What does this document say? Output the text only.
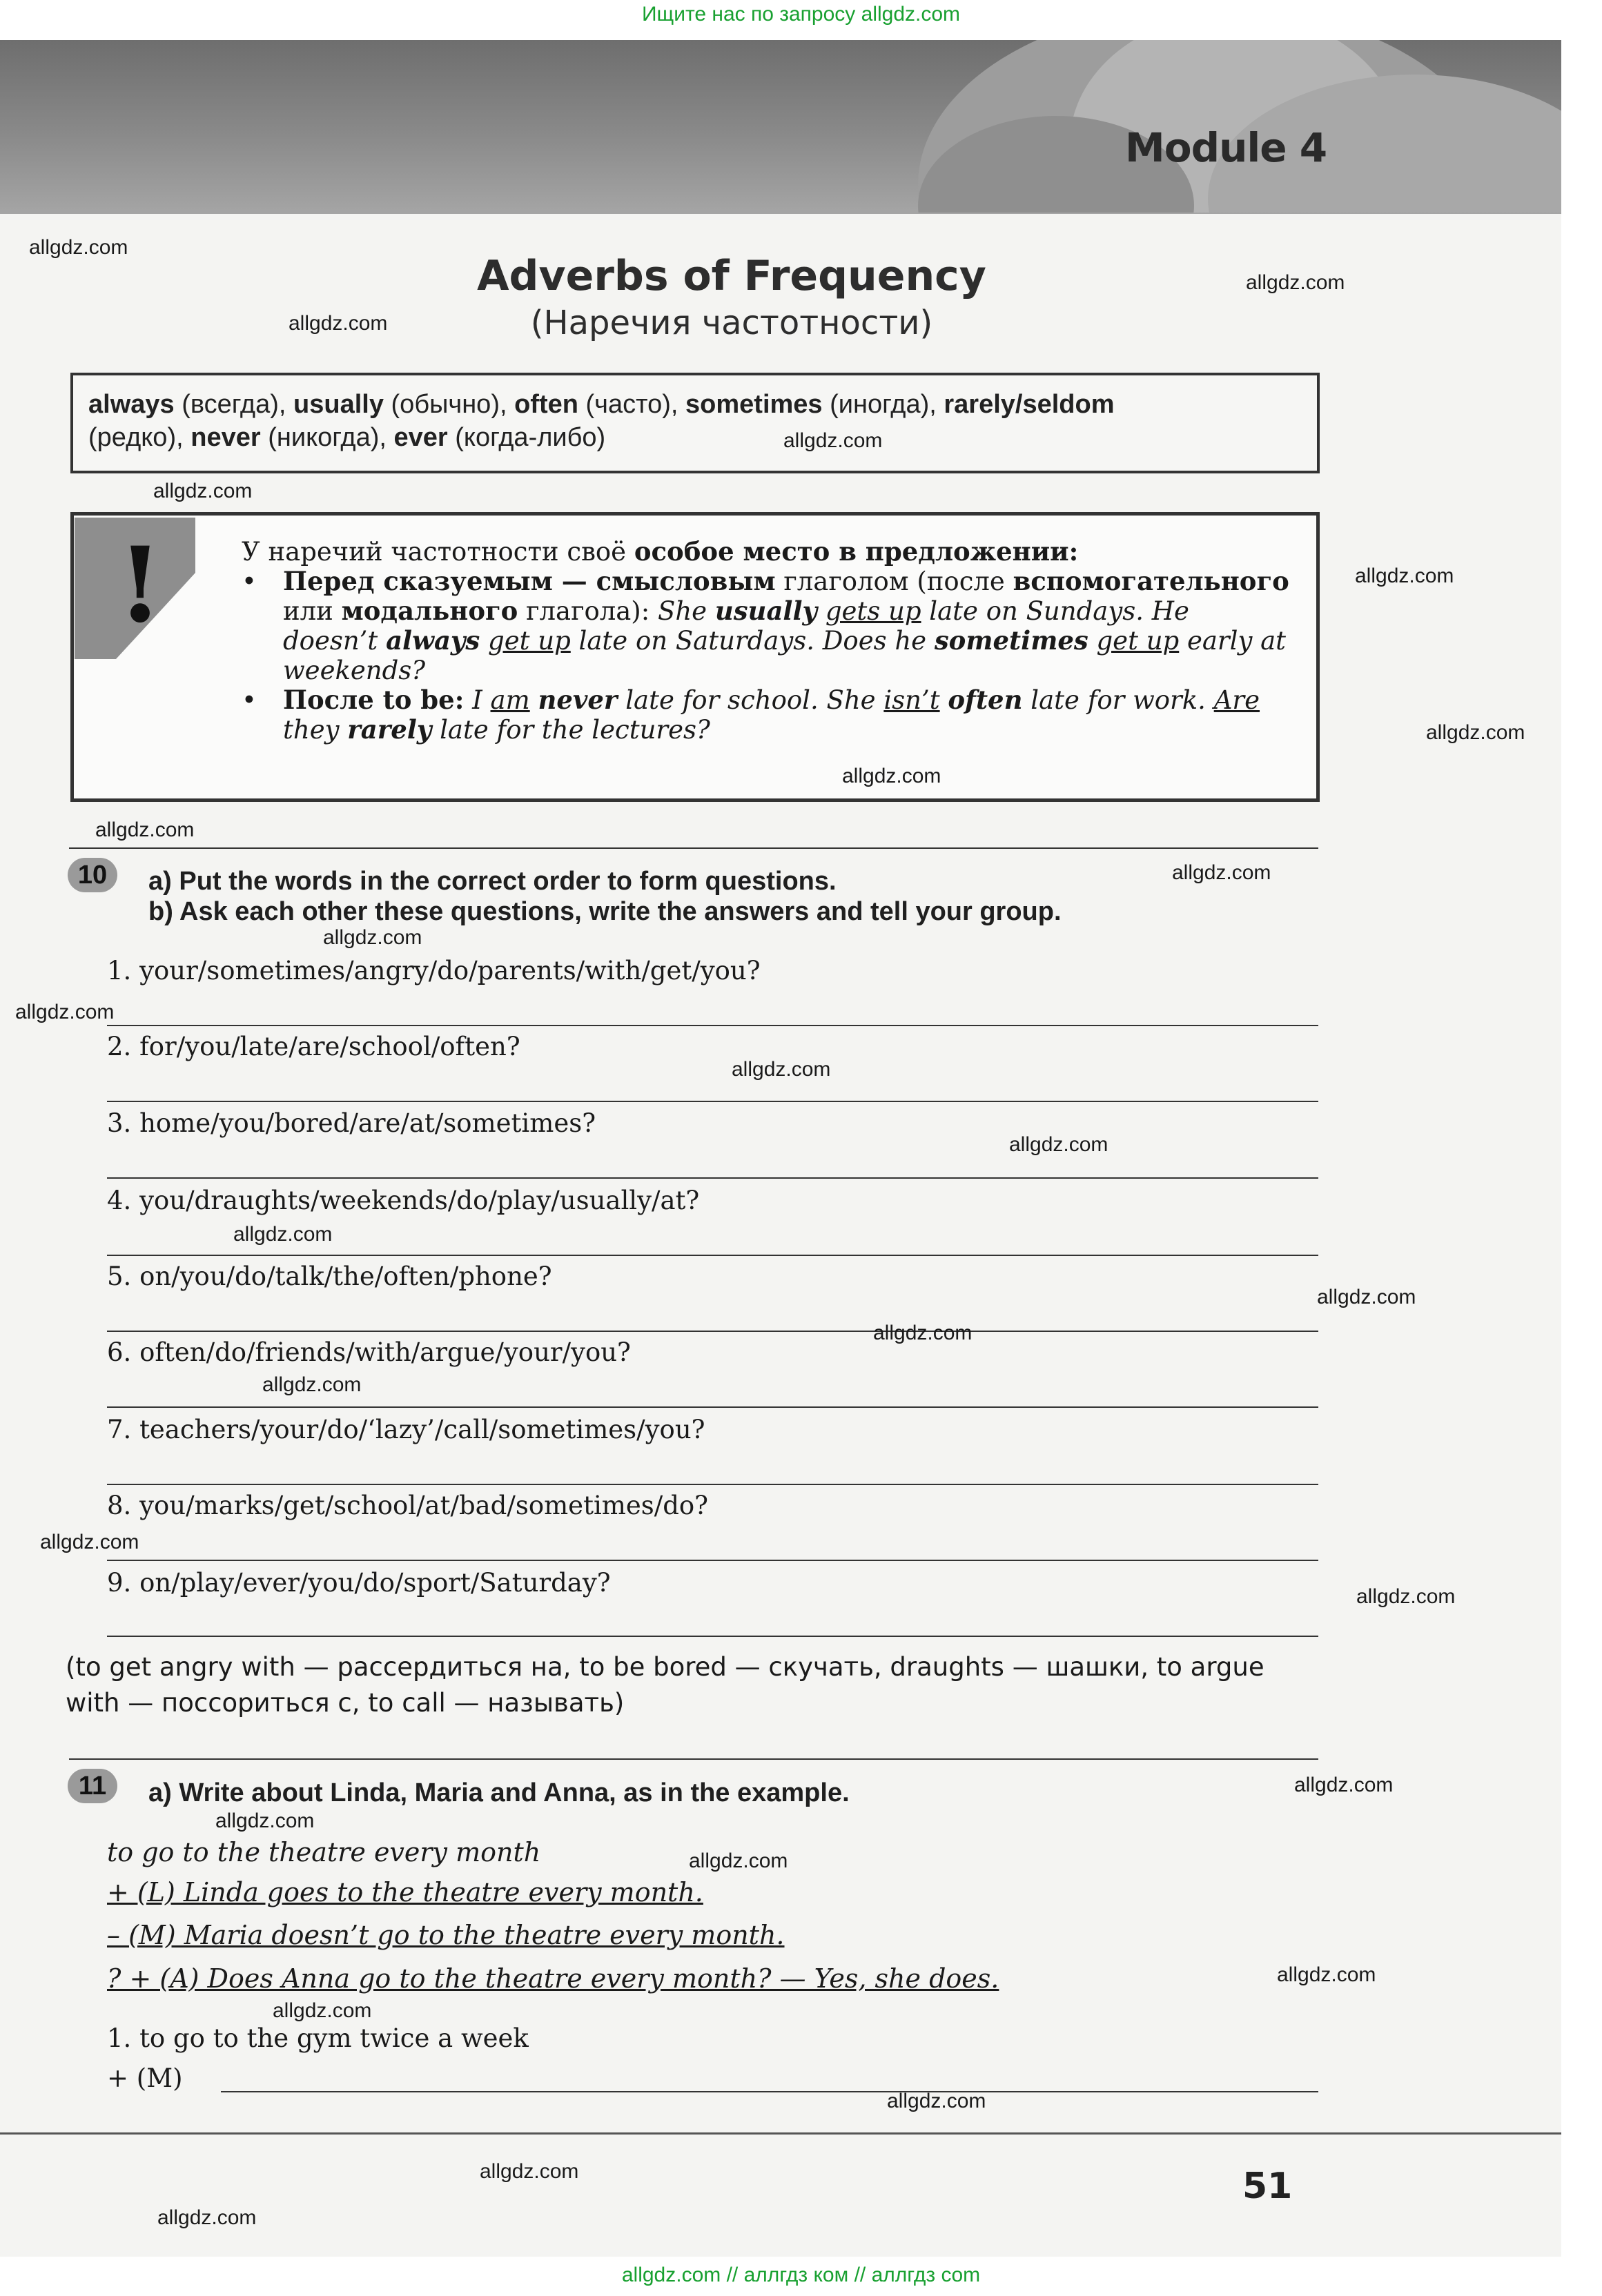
Ищите нас по запросу allgdz.com
Module 4
Adverbs of Frequency
(Наречия частотности)
always (всегда), usually (обычно), often (часто), sometimes (иногда), rarely/seldom
(редко), never (никогда), ever (когда-либо)
!	У наречий частотности своё особое место в предложении:
• Перед сказуемым — смысловым глаголом (после вспомогательного или модального глагола): She usually gets up late on Sundays. He doesn’t always get up late on Saturdays. Does he sometimes get up early at weekends?
• После to be: I am never late for school. She isn’t often late for work. Are they rarely late for the lectures?
10	a) Put the words in the correct order to form questions.
b) Ask each other these questions, write the answers and tell your group.
1. your/sometimes/angry/do/parents/with/get/you?
2. for/you/late/are/school/often?
3. home/you/bored/are/at/sometimes?
4. you/draughts/weekends/do/play/usually/at?
5. on/you/do/talk/the/often/phone?
6. often/do/friends/with/argue/your/you?
7. teachers/your/do/‘lazy’/call/sometimes/you?
8. you/marks/get/school/at/bad/sometimes/do?
9. on/play/ever/you/do/sport/Saturday?
(to get angry with — рассердиться на, to be bored — скучать, draughts — шашки, to argue with — поссориться с, to call — называть)
11	a) Write about Linda, Maria and Anna, as in the example.
to go to the theatre every month
+ (L) Linda goes to the theatre every month.
– (M) Maria doesn’t go to the theatre every month.
? + (A) Does Anna go to the theatre every month? — Yes, she does.
1. to go to the gym twice a week
+ (M)
51
allgdz.com
allgdz.com
allgdz.com
allgdz.com
allgdz.com
allgdz.com
allgdz.com
allgdz.com
allgdz.com
allgdz.com
allgdz.com
allgdz.com
allgdz.com
allgdz.com
allgdz.com
allgdz.com
allgdz.com
allgdz.com
allgdz.com
allgdz.com
allgdz.com
allgdz.com
allgdz.com
allgdz.com
allgdz.com
allgdz.com
allgdz.com
allgdz.com
allgdz.com // аллгдз ком // аллгдз com
